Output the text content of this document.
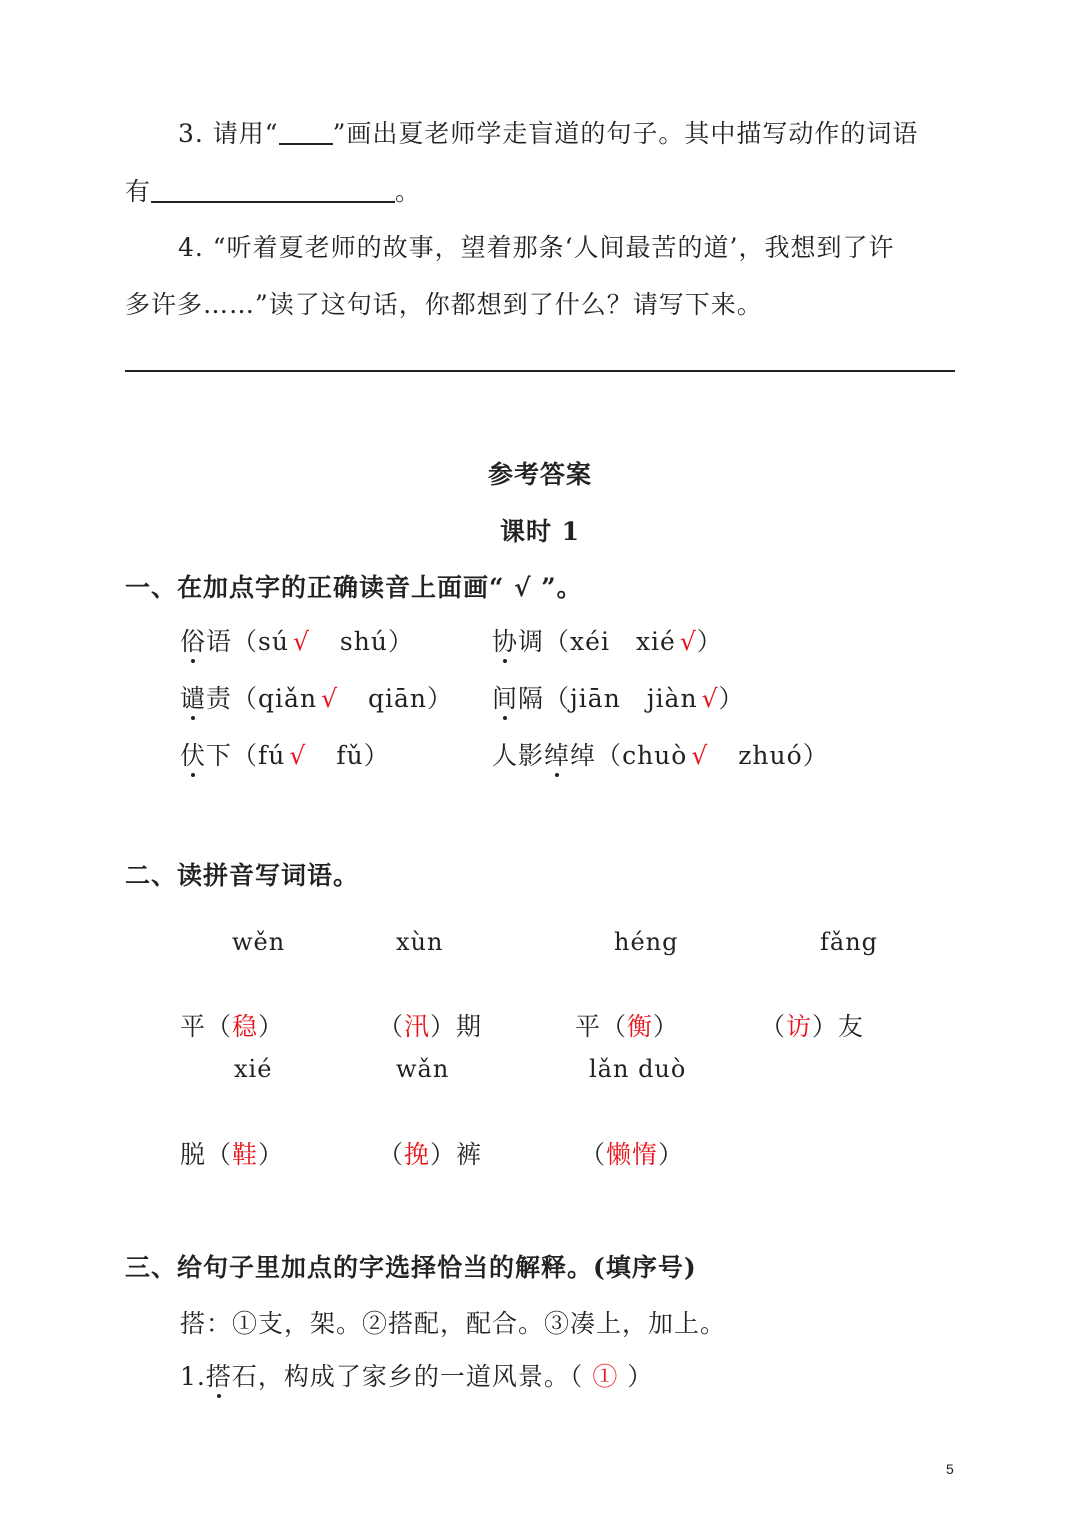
3. 请用“ ”画出夏老师学走盲道的句子。其中描写动作的词语
有	。
4. “听着夏老师的故事，望着那条‘人间最苦的道’，我想到了许
多许多……”读了这句话，你都想到了什么？请写下来。
参考答案
课时 1
一、在加点字的正确读音上面画“ √ ”。
俗语（sú √ shú）	协调（xéi xié √）
谴责（qiǎn √ qiān） 间隔（jiān jiàn √）
伏下（fú √ fǔ）	人影绰绰（chuò √ zhuó）
二、读拼音写词语。
wěn	xùn	héng	fǎng
平（稳）	（汛）期	平（衡）	（访）友
xié	wǎn	lǎn duò
脱（鞋）	（挽）裤	（懒惰）
三、给句子里加点的字选择恰当的解释。(填序号)
搭：①支，架。②搭配，配合。③凑上，加上。
1.搭石，构成了家乡的一道风景。（ ① ）
5
